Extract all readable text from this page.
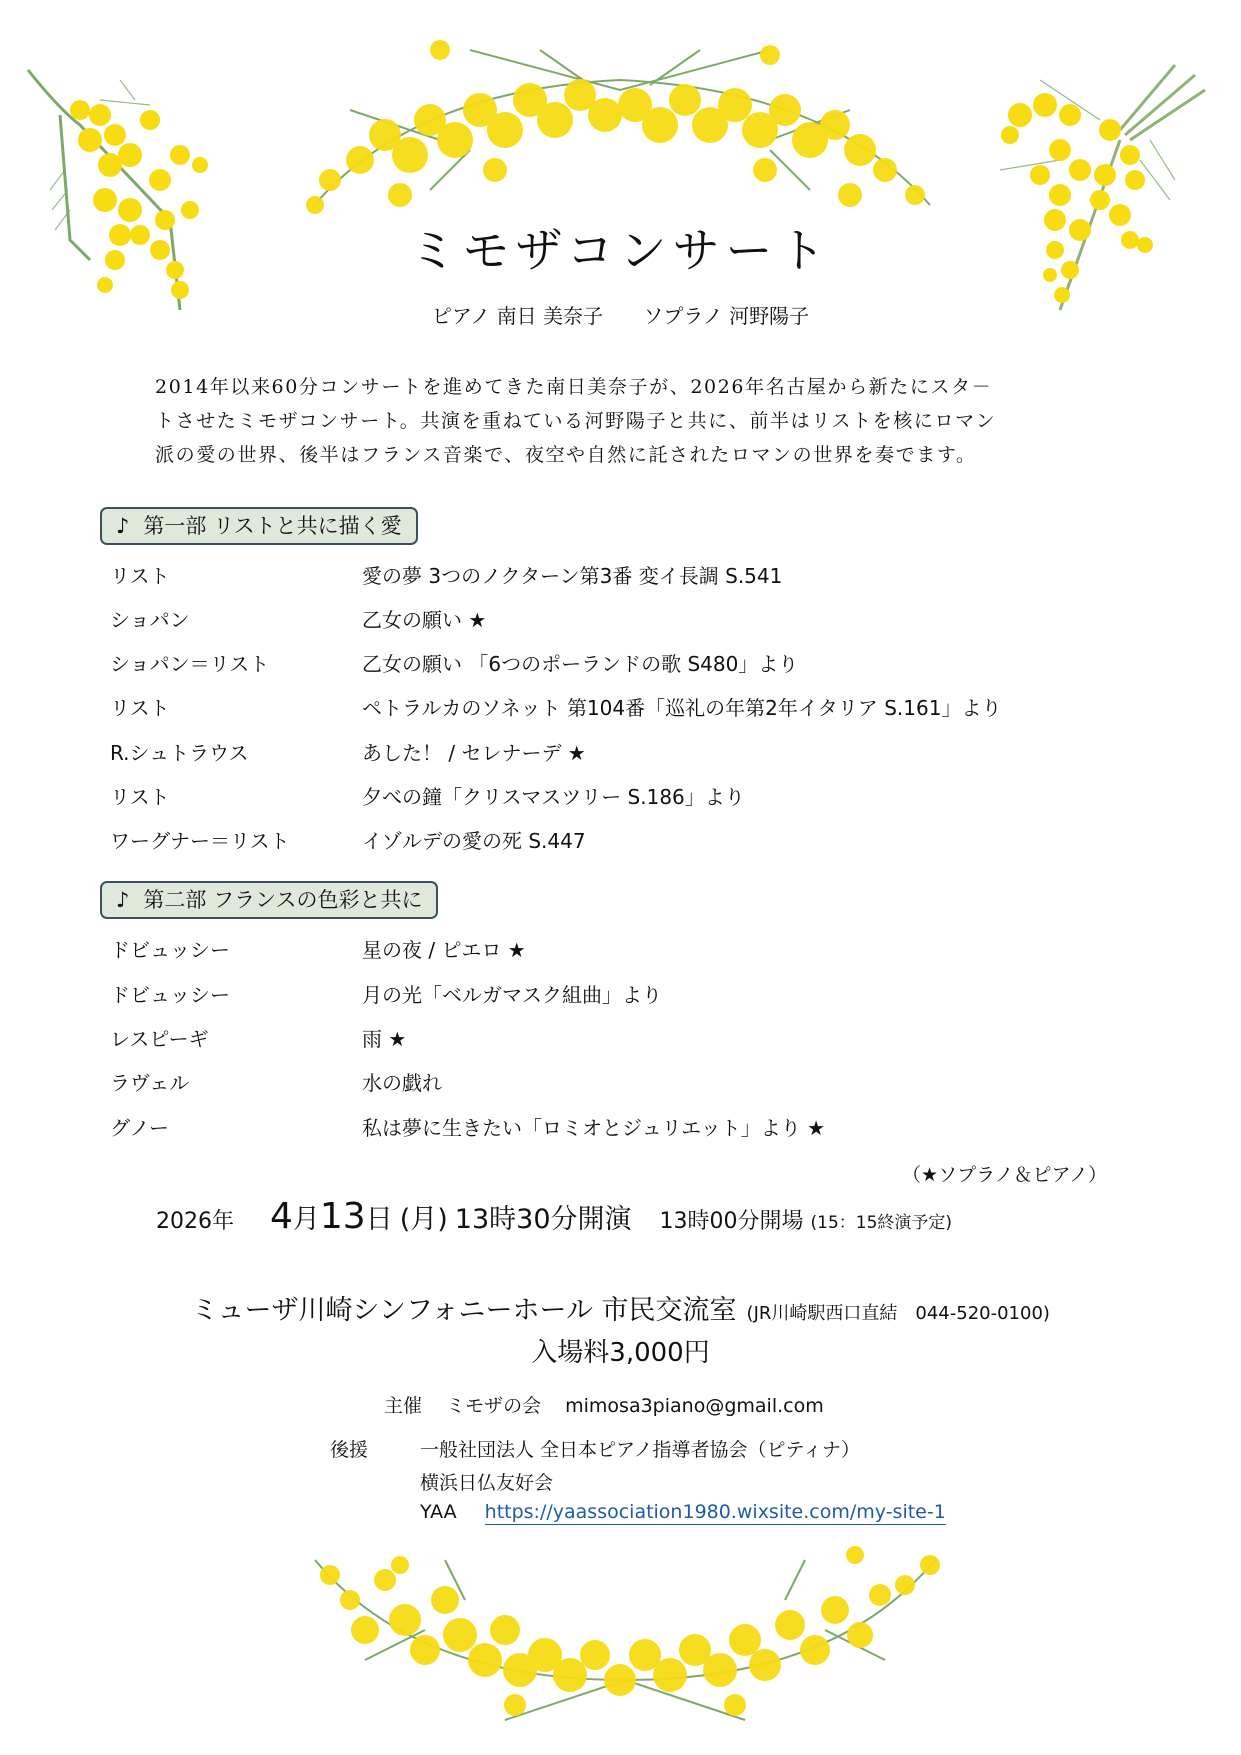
ミモザコンサート
ピアノ 南日 美奈子 ソプラノ 河野陽子
2014年以来60分コンサートを進めてきた南日美奈子が、2026年名古屋から新たにスタ－
トさせたミモザコンサート。共演を重ねている河野陽子と共に、前半はリストを核にロマン
派の愛の世界、後半はフランス音楽で、夜空や自然に託されたロマンの世界を奏でます。
♪ 第一部 リストと共に描く愛
リスト	愛の夢 3つのノクターン第3番 変イ長調 S.541
ショパン	乙女の願い ★
ショパン＝リスト	乙女の願い 「6つのポーランドの歌 S480」より
リスト	ペトラルカのソネット 第104番「巡礼の年第2年イタリア S.161」より
R.シュトラウス	あした！ / セレナーデ ★
リスト	夕べの鐘「クリスマスツリー S.186」より
ワーグナー＝リスト	イゾルデの愛の死 S.447
♪ 第二部 フランスの色彩と共に
ドビュッシー	星の夜 / ピエロ ★
ドビュッシー	月の光「ベルガマスク組曲」より
レスピーギ	雨 ★
ラヴェル	水の戯れ
グノー	私は夢に生きたい「ロミオとジュリエット」より ★
（★ソプラノ＆ピアノ）
2026年 4月13日 (月) 13時30分開演 13時00分開場 (15：15終演予定)
ミューザ川崎シンフォニーホール 市民交流室 (JR川崎駅西口直結　044-520-0100)
入場料3,000円
主催 ミモザの会 mimosa3piano@gmail.com
後援	一般社団法人 全日本ピアノ指導者協会（ピティナ）
横浜日仏友好会
YAA https://yaassociation1980.wixsite.com/my-site-1
